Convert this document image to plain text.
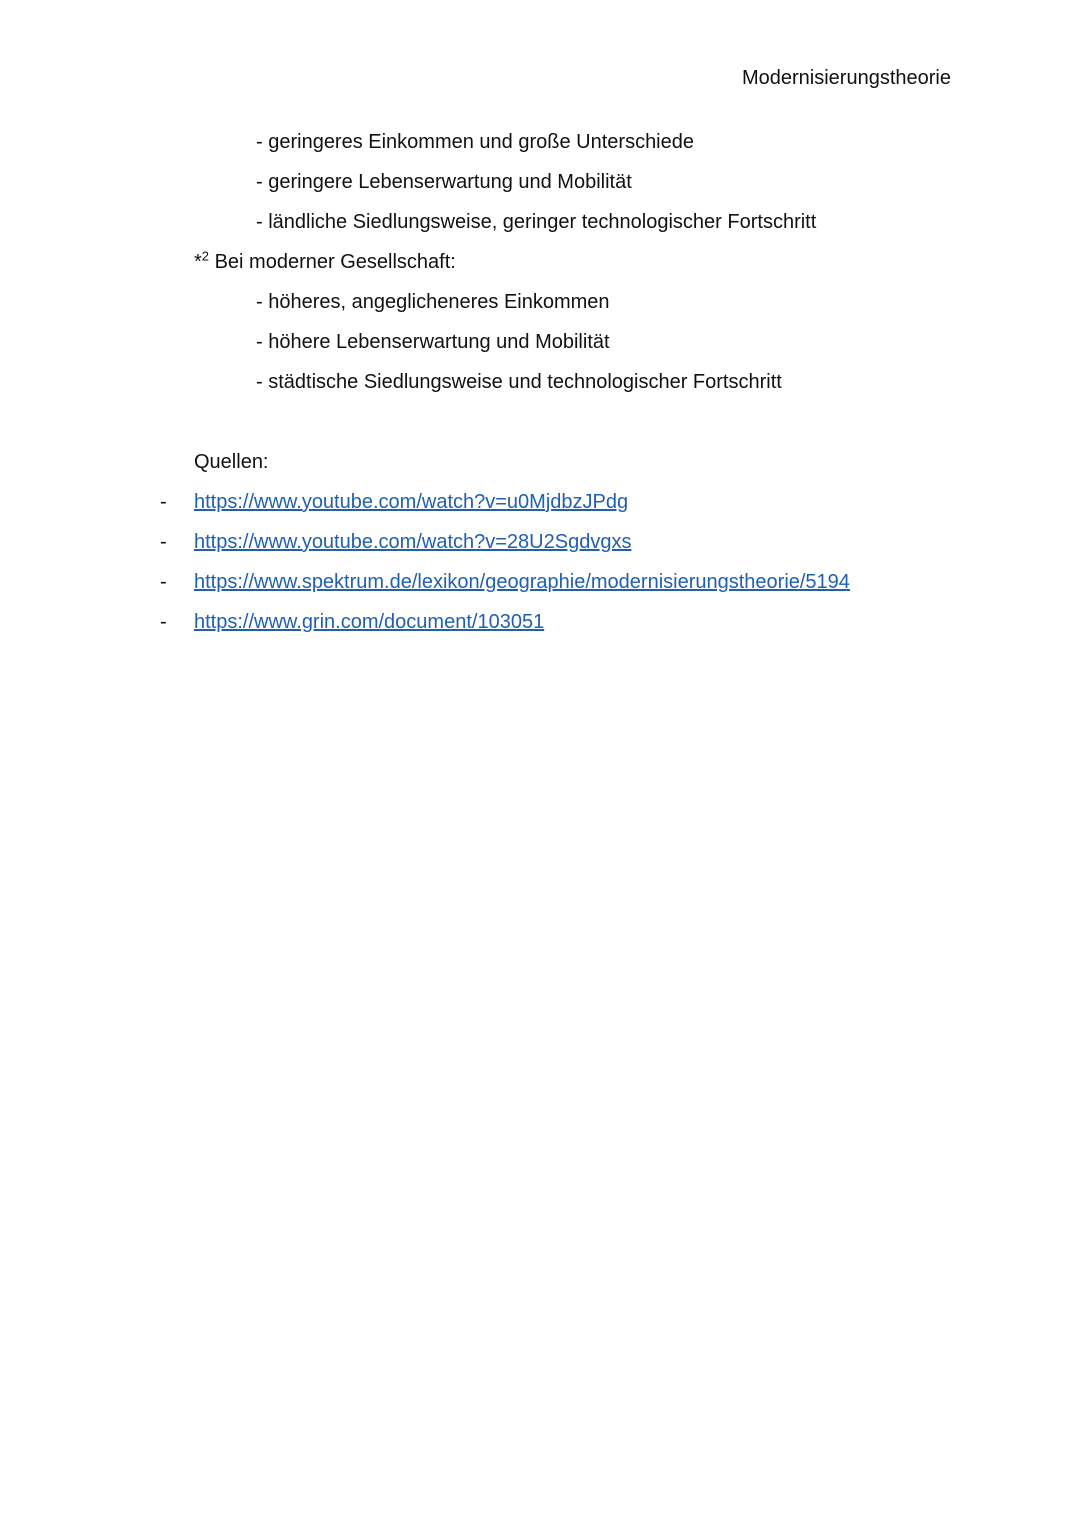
Modernisierungstheorie
- geringeres Einkommen und große Unterschiede
- geringere Lebenserwartung und Mobilität
- ländliche Siedlungsweise, geringer technologischer Fortschritt
*$^2$ Bei moderner Gesellschaft:
- höheres, angeglicheneres Einkommen
- höhere Lebenserwartung und Mobilität
- städtische Siedlungsweise und technologischer Fortschritt
Quellen:
- https://www.youtube.com/watch?v=u0MjdbzJPdg
- https://www.youtube.com/watch?v=28U2Sgdvgxs
- https://www.spektrum.de/lexikon/geographie/modernisierungstheorie/5194
- https://www.grin.com/document/103051
